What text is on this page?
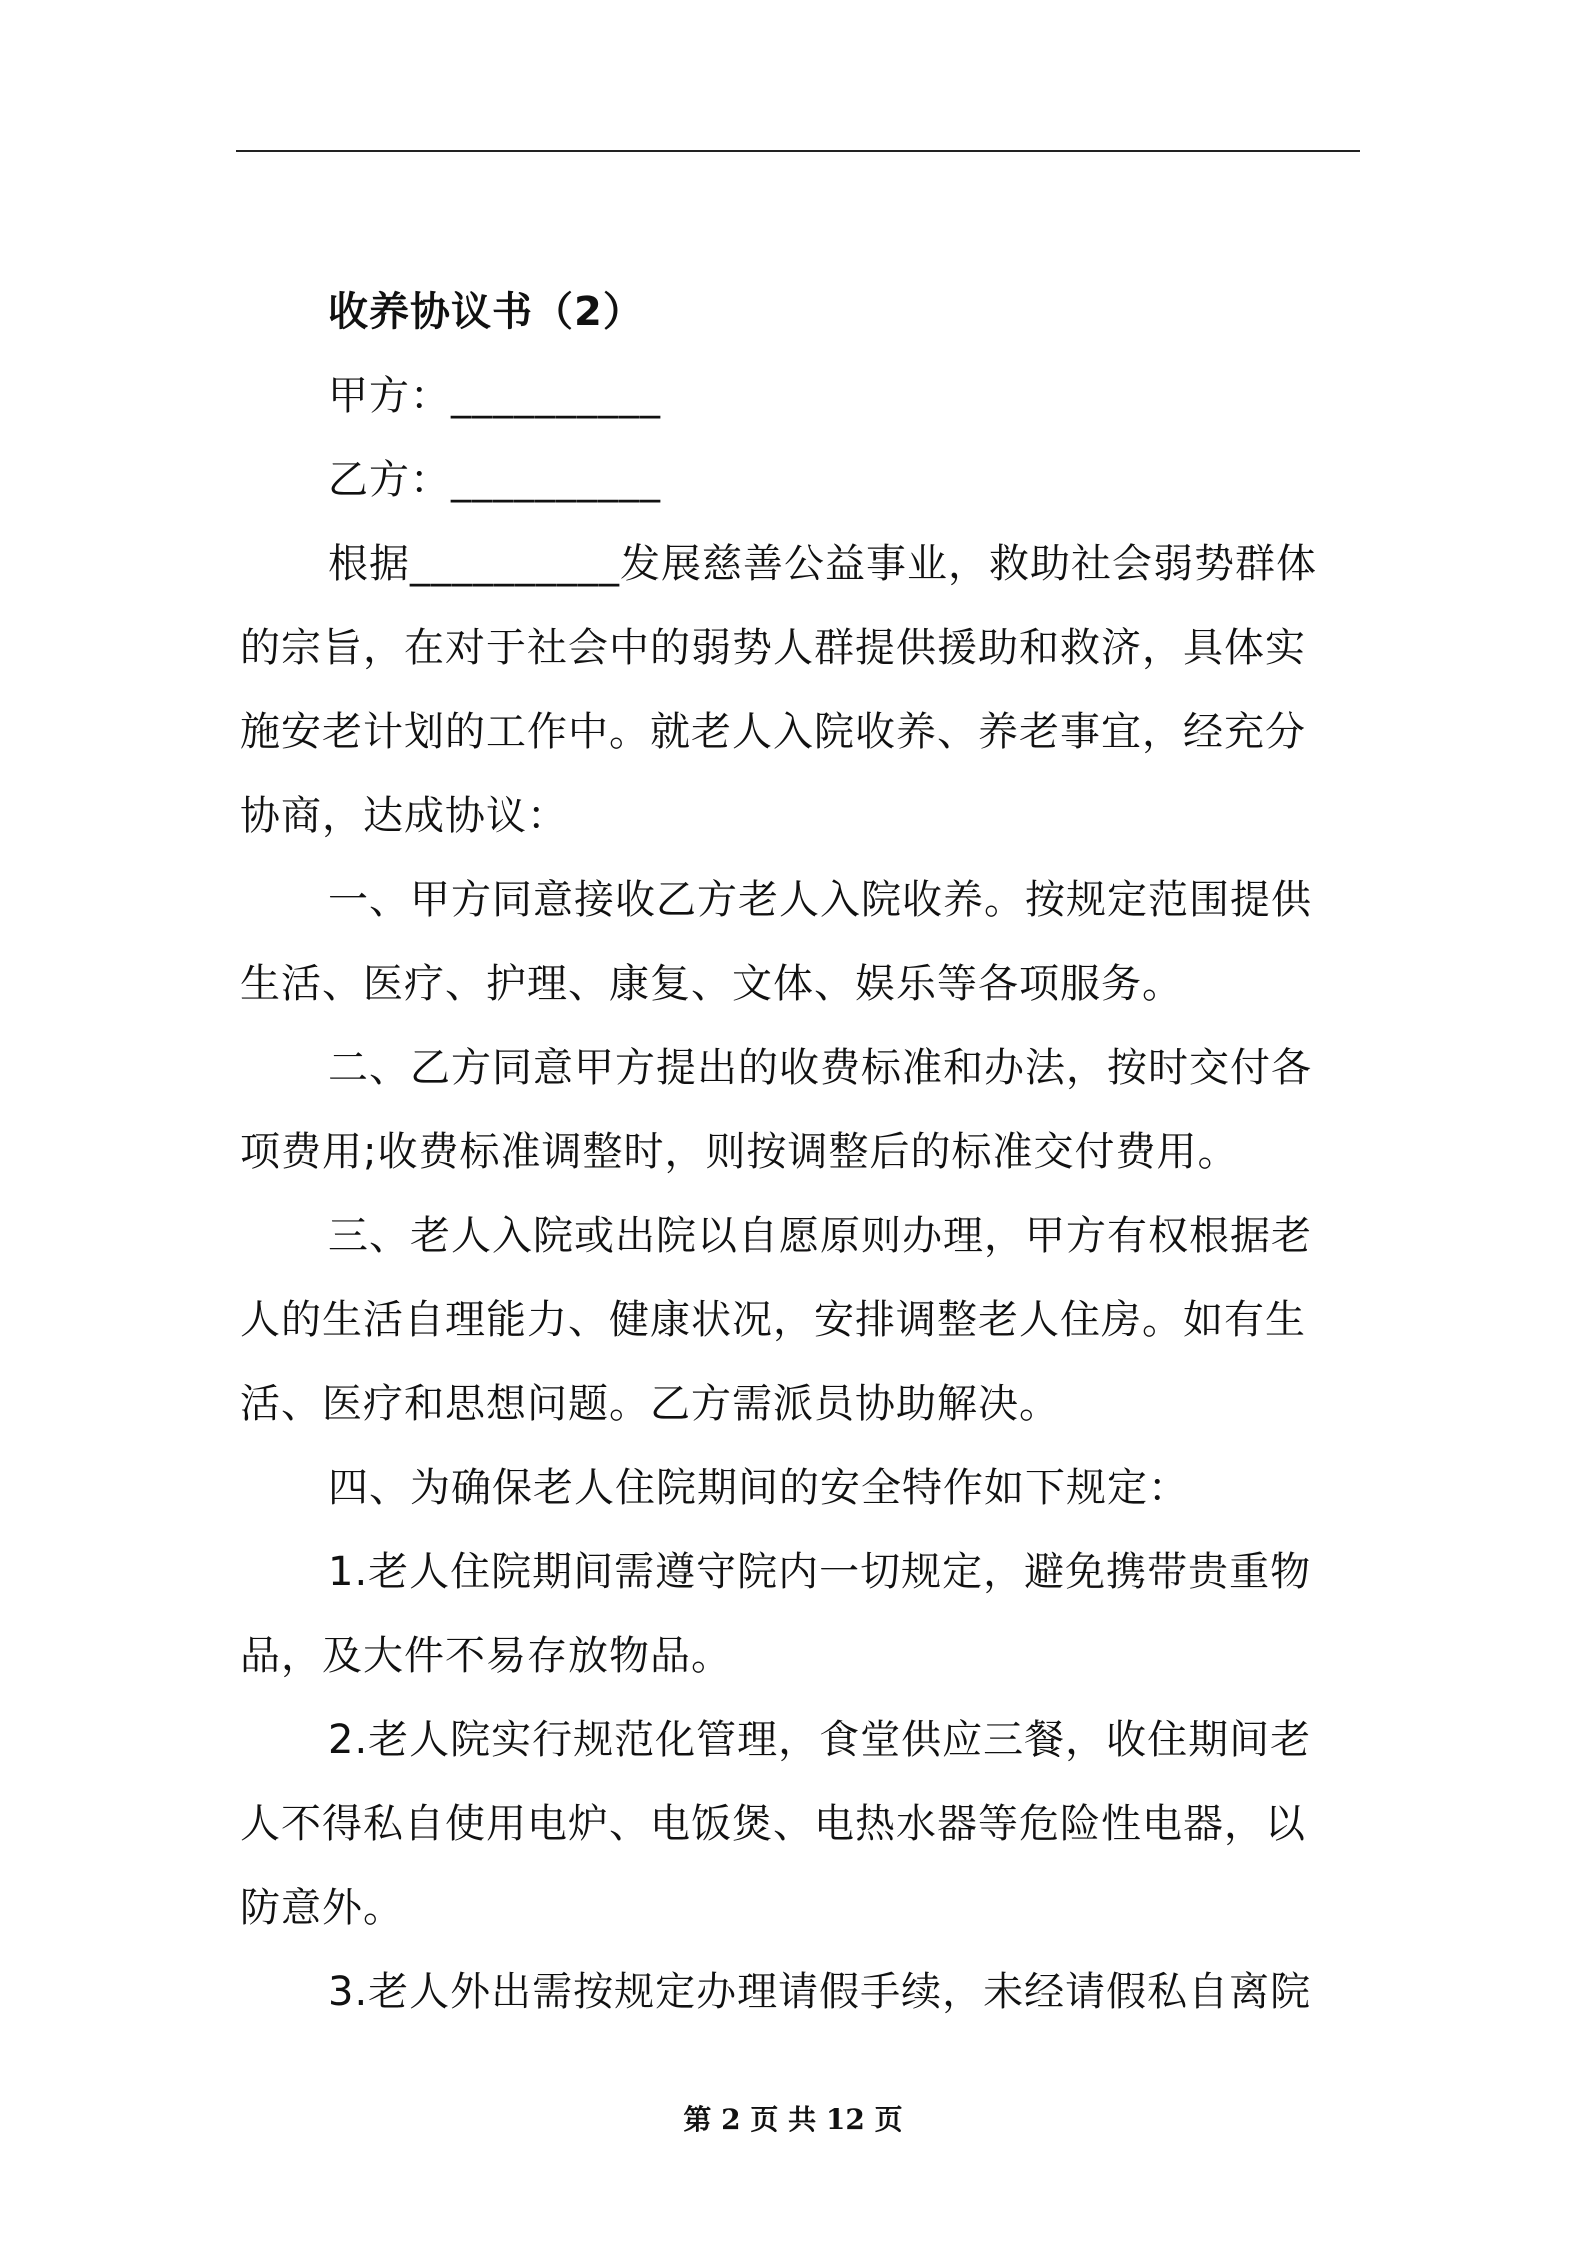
收养协议书（2）
甲方：__________
乙方：__________
根据__________发展慈善公益事业，救助社会弱势群体
的宗旨，在对于社会中的弱势人群提供援助和救济，具体实
施安老计划的工作中。就老人入院收养、养老事宜，经充分
协商，达成协议：
一、甲方同意接收乙方老人入院收养。按规定范围提供
生活、医疗、护理、康复、文体、娱乐等各项服务。
二、乙方同意甲方提出的收费标准和办法，按时交付各
项费用;收费标准调整时，则按调整后的标准交付费用。
三、老人入院或出院以自愿原则办理，甲方有权根据老
人的生活自理能力、健康状况，安排调整老人住房。如有生
活、医疗和思想问题。乙方需派员协助解决。
四、为确保老人住院期间的安全特作如下规定：
1.老人住院期间需遵守院内一切规定，避免携带贵重物
品，及大件不易存放物品。
2.老人院实行规范化管理，食堂供应三餐，收住期间老
人不得私自使用电炉、电饭煲、电热水器等危险性电器，以
防意外。
3.老人外出需按规定办理请假手续，未经请假私自离院
第 2 页 共 12 页
